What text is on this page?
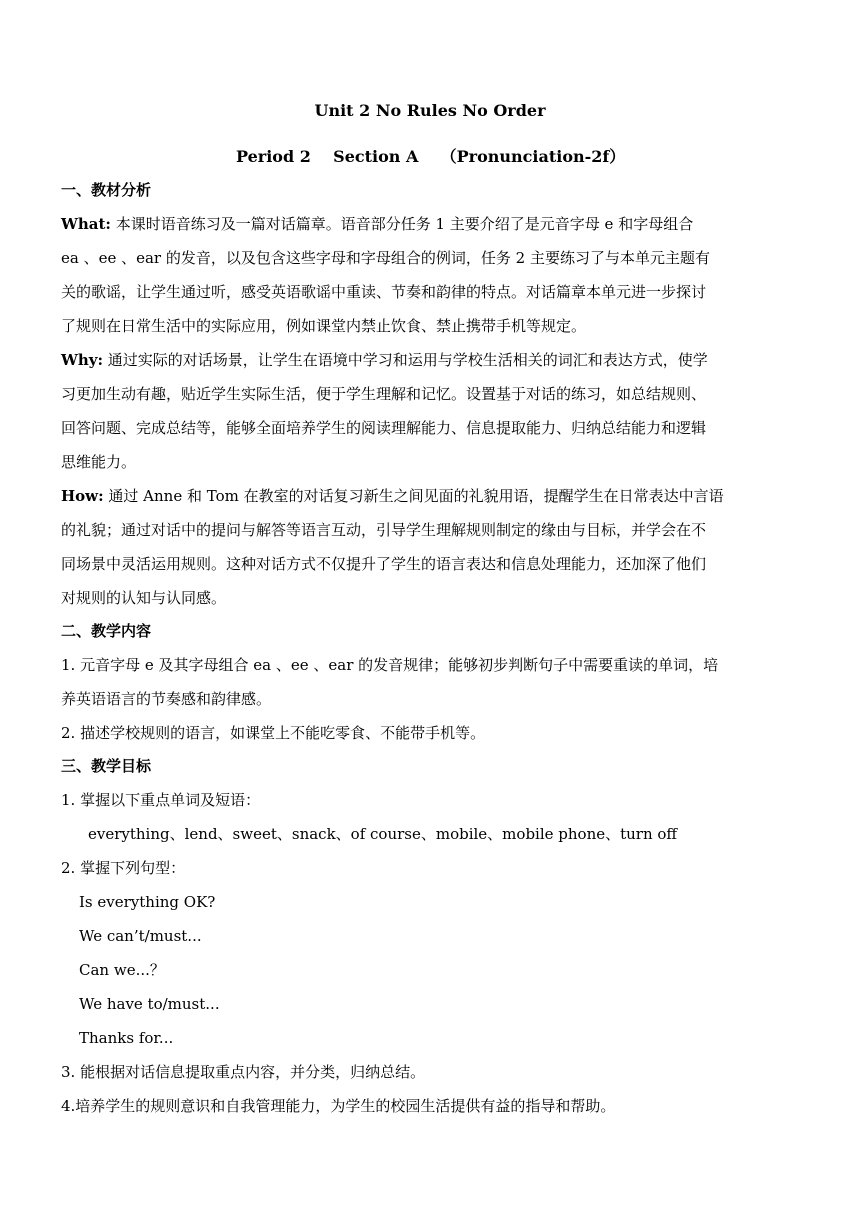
Unit 2 No Rules No Order
Period 2    Section A    （Pronunciation-2f）
一、教材分析
What: 本课时语音练习及一篇对话篇章。语音部分任务 1 主要介绍了是元音字母 e 和字母组合
ea 、ee 、ear 的发音，以及包含这些字母和字母组合的例词，任务 2 主要练习了与本单元主题有
关的歌谣，让学生通过听，感受英语歌谣中重读、节奏和韵律的特点。对话篇章本单元进一步探讨
了规则在日常生活中的实际应用，例如课堂内禁止饮食、禁止携带手机等规定。
Why: 通过实际的对话场景，让学生在语境中学习和运用与学校生活相关的词汇和表达方式，使学
习更加生动有趣，贴近学生实际生活，便于学生理解和记忆。设置基于对话的练习，如总结规则、
回答问题、完成总结等，能够全面培养学生的阅读理解能力、信息提取能力、归纳总结能力和逻辑
思维能力。
How: 通过 Anne 和 Tom 在教室的对话复习新生之间见面的礼貌用语，提醒学生在日常表达中言语
的礼貌；通过对话中的提问与解答等语言互动，引导学生理解规则制定的缘由与目标，并学会在不
同场景中灵活运用规则。这种对话方式不仅提升了学生的语言表达和信息处理能力，还加深了他们
对规则的认知与认同感。
二、教学内容
1. 元音字母 e 及其字母组合 ea 、ee 、ear 的发音规律；能够初步判断句子中需要重读的单词，培
养英语语言的节奏感和韵律感。
2. 描述学校规则的语言，如课堂上不能吃零食、不能带手机等。
三、教学目标
1. 掌握以下重点单词及短语：
everything、lend、sweet、snack、of course、mobile、mobile phone、turn off
2. 掌握下列句型：
Is everything OK?
We can’t/must...
Can we...？
We have to/must...
Thanks for...
3. 能根据对话信息提取重点内容，并分类，归纳总结。
4.培养学生的规则意识和自我管理能力，为学生的校园生活提供有益的指导和帮助。
